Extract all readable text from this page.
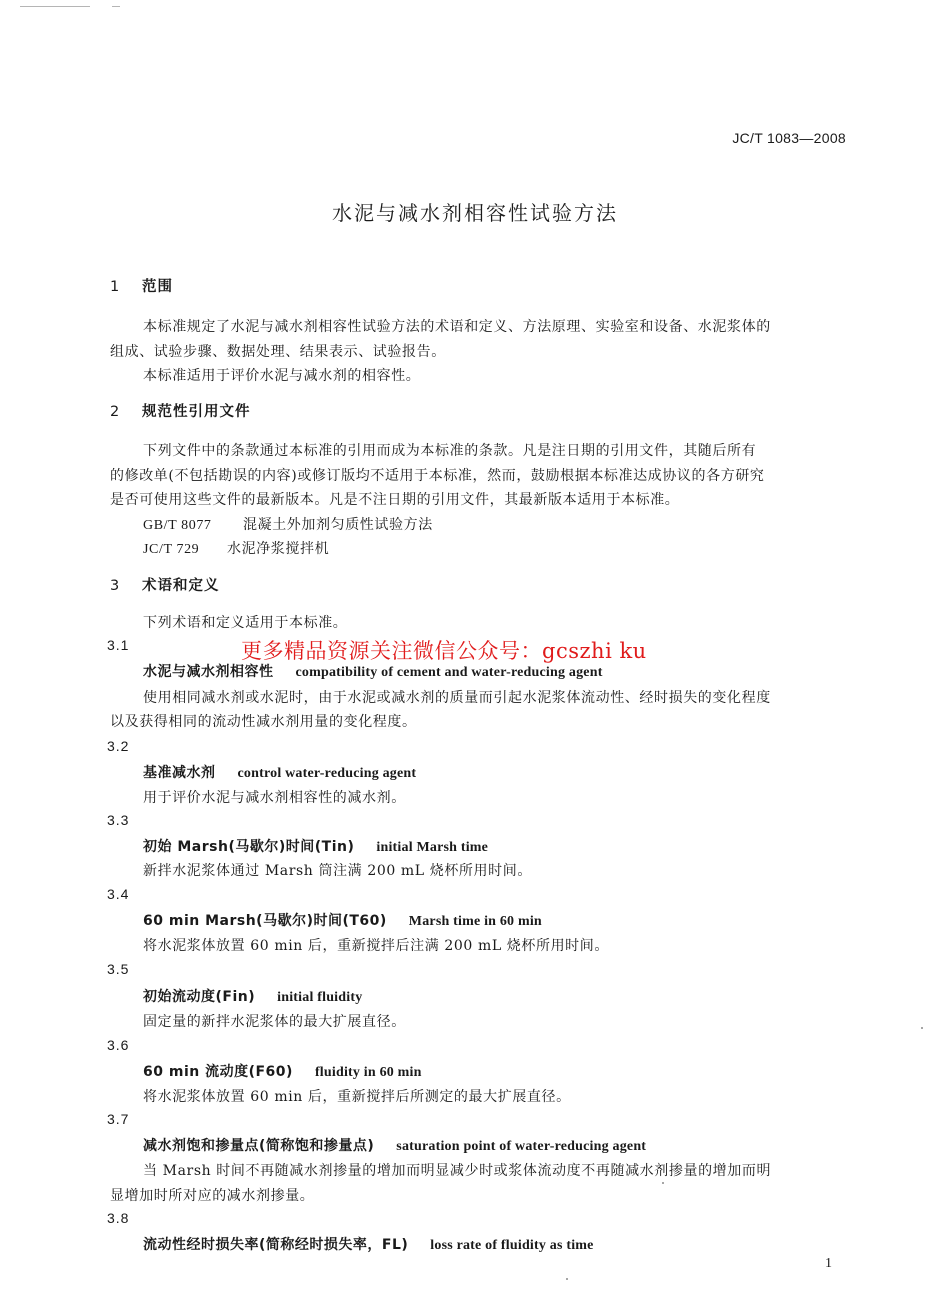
JC/T 1083—2008
水泥与减水剂相容性试验方法
1 范围
本标准规定了水泥与减水剂相容性试验方法的术语和定义、方法原理、实验室和设备、水泥浆体的
组成、试验步骤、数据处理、结果表示、试验报告。
本标准适用于评价水泥与减水剂的相容性。
2 规范性引用文件
下列文件中的条款通过本标准的引用而成为本标准的条款。凡是注日期的引用文件，其随后所有
的修改单(不包括勘误的内容)或修订版均不适用于本标准，然而，鼓励根据本标准达成协议的各方研究
是否可使用这些文件的最新版本。凡是不注日期的引用文件，其最新版本适用于本标准。
GB/T 8077 混凝土外加剂匀质性试验方法
JC/T 729 水泥净浆搅拌机
3 术语和定义
下列术语和定义适用于本标准。
3.1	更多精品资源关注微信公众号：gcszhi ku
水泥与减水剂相容性 compatibility of cement and water-reducing agent
使用相同减水剂或水泥时，由于水泥或减水剂的质量而引起水泥浆体流动性、经时损失的变化程度
以及获得相同的流动性减水剂用量的变化程度。
3.2
基准减水剂 control water-reducing agent
用于评价水泥与减水剂相容性的减水剂。
3.3
初始 Marsh(马歇尔)时间(Tin) initial Marsh time
新拌水泥浆体通过 Marsh 筒注满 200 mL 烧杯所用时间。
3.4
60 min Marsh(马歇尔)时间(T60) Marsh time in 60 min
将水泥浆体放置 60 min 后，重新搅拌后注满 200 mL 烧杯所用时间。
3.5
初始流动度(Fin) initial fluidity
固定量的新拌水泥浆体的最大扩展直径。
3.6
60 min 流动度(F60) fluidity in 60 min
将水泥浆体放置 60 min 后，重新搅拌后所测定的最大扩展直径。
3.7
减水剂饱和掺量点(简称饱和掺量点) saturation point of water-reducing agent
当 Marsh 时间不再随减水剂掺量的增加而明显减少时或浆体流动度不再随减水剂掺量的增加而明
显增加时所对应的减水剂掺量。
3.8
流动性经时损失率(简称经时损失率，FL) loss rate of fluidity as time
1
